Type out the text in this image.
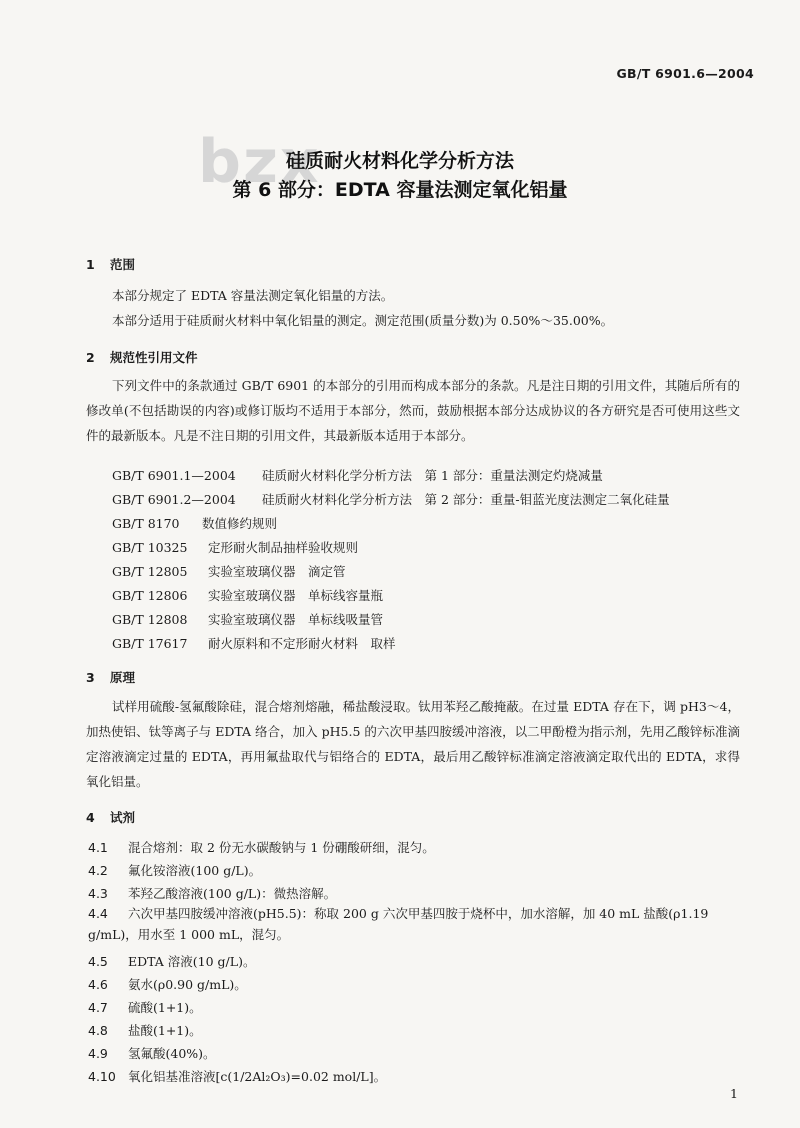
GB/T 6901.6—2004
bzx
硅质耐火材料化学分析方法
第 6 部分：EDTA 容量法测定氧化铝量
1 范围
本部分规定了 EDTA 容量法测定氧化铝量的方法。
本部分适用于硅质耐火材料中氧化铝量的测定。测定范围(质量分数)为 0.50%～35.00%。
2 规范性引用文件
下列文件中的条款通过 GB/T 6901 的本部分的引用而构成本部分的条款。凡是注日期的引用文件，其随后所有的修改单(不包括勘误的内容)或修订版均不适用于本部分，然而，鼓励根据本部分达成协议的各方研究是否可使用这些文件的最新版本。凡是不注日期的引用文件，其最新版本适用于本部分。
GB/T 6901.1—2004 硅质耐火材料化学分析方法　第 1 部分：重量法测定灼烧减量
GB/T 6901.2—2004 硅质耐火材料化学分析方法　第 2 部分：重量-钼蓝光度法测定二氧化硅量
GB/T 8170 数值修约规则
GB/T 10325 定形耐火制品抽样验收规则
GB/T 12805 实验室玻璃仪器　滴定管
GB/T 12806 实验室玻璃仪器　单标线容量瓶
GB/T 12808 实验室玻璃仪器　单标线吸量管
GB/T 17617 耐火原料和不定形耐火材料　取样
3 原理
试样用硫酸-氢氟酸除硅，混合熔剂熔融，稀盐酸浸取。钛用苯羟乙酸掩蔽。在过量 EDTA 存在下，调 pH3～4，加热使铝、钛等离子与 EDTA 络合，加入 pH5.5 的六次甲基四胺缓冲溶液，以二甲酚橙为指示剂，先用乙酸锌标准滴定溶液滴定过量的 EDTA，再用氟盐取代与铝络合的 EDTA，最后用乙酸锌标准滴定溶液滴定取代出的 EDTA，求得氧化铝量。
4 试剂
4.1 混合熔剂：取 2 份无水碳酸钠与 1 份硼酸研细，混匀。
4.2 氟化铵溶液(100 g/L)。
4.3 苯羟乙酸溶液(100 g/L)：微热溶解。
4.4 六次甲基四胺缓冲溶液(pH5.5)：称取 200 g 六次甲基四胺于烧杯中，加水溶解，加 40 mL 盐酸(ρ1.19 g/mL)，用水至 1 000 mL，混匀。
4.5 EDTA 溶液(10 g/L)。
4.6 氨水(ρ0.90 g/mL)。
4.7 硫酸(1+1)。
4.8 盐酸(1+1)。
4.9 氢氟酸(40%)。
4.10 氧化铝基准溶液[c(1/2Al₂O₃)=0.02 mol/L]。
1
